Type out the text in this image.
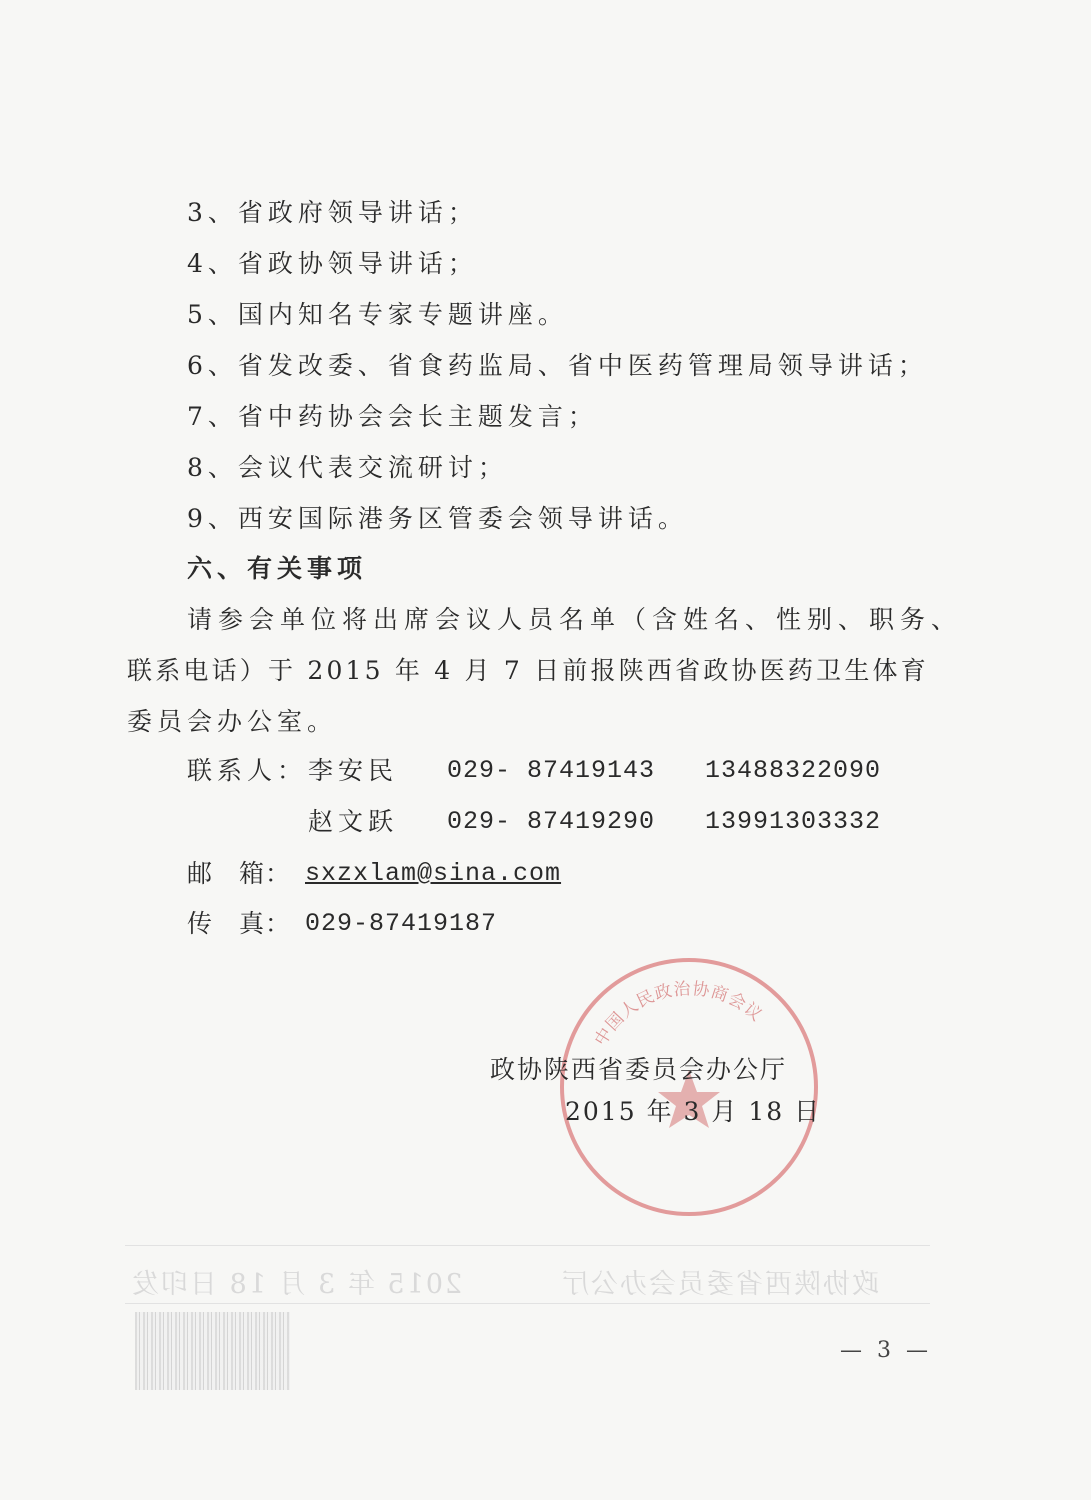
3、省政府领导讲话；
4、省政协领导讲话；
5、国内知名专家专题讲座。
6、省发改委、省食药监局、省中医药管理局领导讲话；
7、省中药协会会长主题发言；
8、会议代表交流研讨；
9、西安国际港务区管委会领导讲话。
六、有关事项
请参会单位将出席会议人员名单（含姓名、性别、职务、
联系电话）于 2015 年 4 月 7 日前报陕西省政协医药卫生体育
委员会办公室。
联系人： 李安民 029- 87419143 13488322090
赵文跃 029- 87419290 13991303332
邮　箱： sxzxlam@sina.com
传　真： 029-87419187
中国人民政治协商会议
政协陕西省委员会办公厅
2015 年 3 月 18 日
政协陕西省委员会办公厅
2015 年 3 月 18 日印发
— 3 —
